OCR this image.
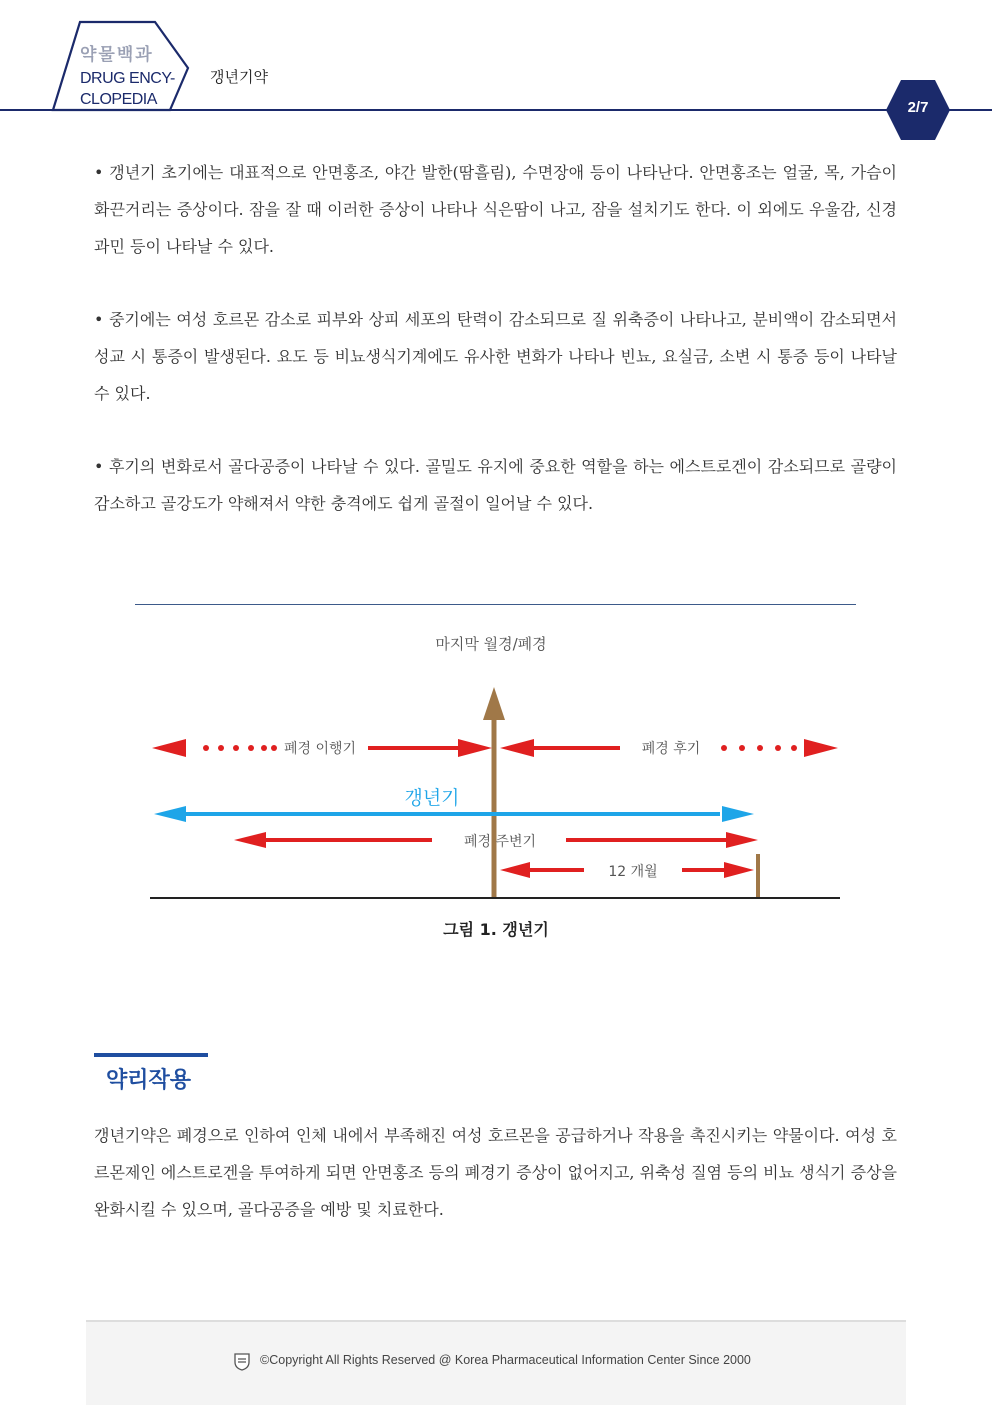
약물백과
DRUG ENCY-
CLOPEDIA
갱년기약
2/7
• 갱년기 초기에는 대표적으로 안면홍조, 야간 발한(땀흘림), 수면장애 등이 나타난다. 안면홍조는 얼굴, 목, 가슴이 화끈거리는 증상이다. 잠을 잘 때 이러한 증상이 나타나 식은땀이 나고, 잠을 설치기도 한다. 이 외에도 우울감, 신경과민 등이 나타날 수 있다.
• 중기에는 여성 호르몬 감소로 피부와 상피 세포의 탄력이 감소되므로 질 위축증이 나타나고, 분비액이 감소되면서 성교 시 통증이 발생된다. 요도 등 비뇨생식기계에도 유사한 변화가 나타나 빈뇨, 요실금, 소변 시 통증 등이 나타날 수 있다.
• 후기의 변화로서 골다공증이 나타날 수 있다. 골밀도 유지에 중요한 역할을 하는 에스트로겐이 감소되므로 골량이 감소하고 골강도가 약해져서 약한 충격에도 쉽게 골절이 일어날 수 있다.
마지막 월경/폐경
폐경 이행기	폐경 후기
갱년기
폐경 주변기
12 개월
그림 1. 갱년기
약리작용
갱년기약은 폐경으로 인하여 인체 내에서 부족해진 여성 호르몬을 공급하거나 작용을 촉진시키는 약물이다. 여성 호르몬제인 에스트로겐을 투여하게 되면 안면홍조 등의 폐경기 증상이 없어지고, 위축성 질염 등의 비뇨 생식기 증상을 완화시킬 수 있으며, 골다공증을 예방 및 치료한다.
©Copyright All Rights Reserved @ Korea Pharmaceutical Information Center Since 2000
